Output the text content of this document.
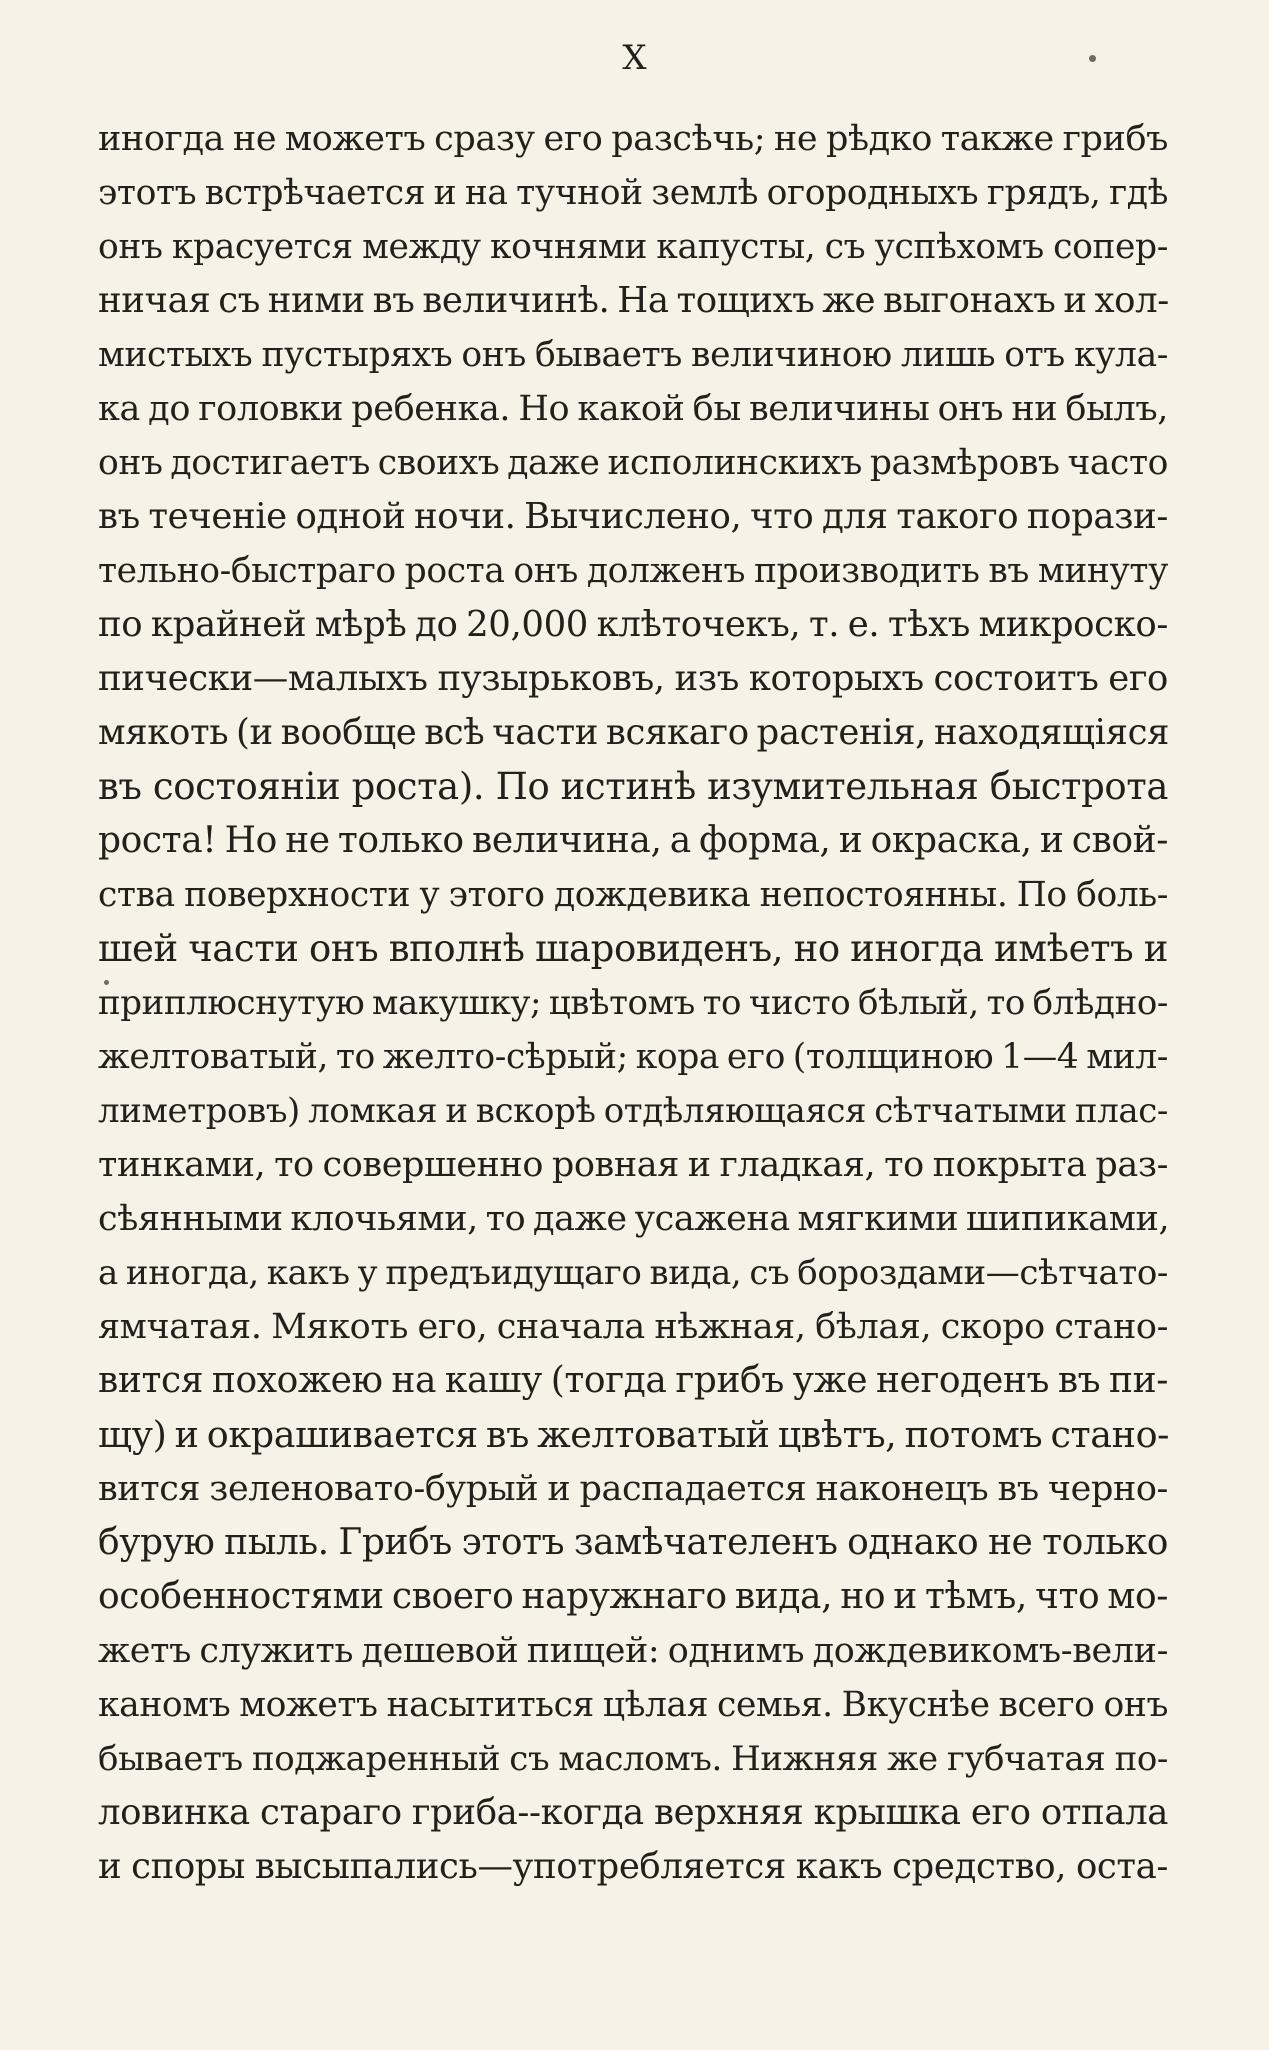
X
иногда не можетъ сразу его разсѣчь; не рѣдко также грибъ
этотъ встрѣчается и на тучной землѣ огородныхъ грядъ, гдѣ
онъ красуется между кочнями капусты, съ успѣхомъ сопер-
ничая съ ними въ величинѣ. На тощихъ же выгонахъ и хол-
мистыхъ пустыряхъ онъ бываетъ величиною лишь отъ кула-
ка до головки ребенка. Но какой бы величины онъ ни былъ,
онъ достигаетъ своихъ даже исполинскихъ размѣровъ часто
въ теченіе одной ночи. Вычислено, что для такого порази-
тельно-быстраго роста онъ долженъ производить въ минуту
по крайней мѣрѣ до 20,000 клѣточекъ, т. е. тѣхъ микроско-
пически—малыхъ пузырьковъ, изъ которыхъ состоитъ его
мякоть (и вообще всѣ части всякаго растенія, находящіяся
въ состояніи роста). По истинѣ изумительная быстрота
роста! Но не только величина, а форма, и окраска, и свой-
ства поверхности у этого дождевика непостоянны. По боль-
шей части онъ вполнѣ шаровиденъ, но иногда имѣетъ и
приплюснутую макушку; цвѣтомъ то чисто бѣлый, то блѣдно-
желтоватый, то желто-сѣрый; кора его (толщиною 1—4 мил-
лиметровъ) ломкая и вскорѣ отдѣляющаяся сѣтчатыми плас-
тинками, то совершенно ровная и гладкая, то покрыта раз-
сѣянными клочьями, то даже усажена мягкими шипиками,
а иногда, какъ у предъидущаго вида, съ бороздами—сѣтчато-
ямчатая. Мякоть его, сначала нѣжная, бѣлая, скоро стано-
вится похожею на кашу (тогда грибъ уже негоденъ въ пи-
щу) и окрашивается въ желтоватый цвѣтъ, потомъ стано-
вится зеленовато-бурый и распадается наконецъ въ черно-
бурую пыль. Грибъ этотъ замѣчателенъ однако не только
особенностями своего наружнаго вида, но и тѣмъ, что мо-
жетъ служить дешевой пищей: однимъ дождевикомъ-вели-
каномъ можетъ насытиться цѣлая семья. Вкуснѣе всего онъ
бываетъ поджаренный съ масломъ. Нижняя же губчатая по-
ловинка стараго гриба--когда верхняя крышка его отпала
и споры высыпались—употребляется какъ средство, оста-
